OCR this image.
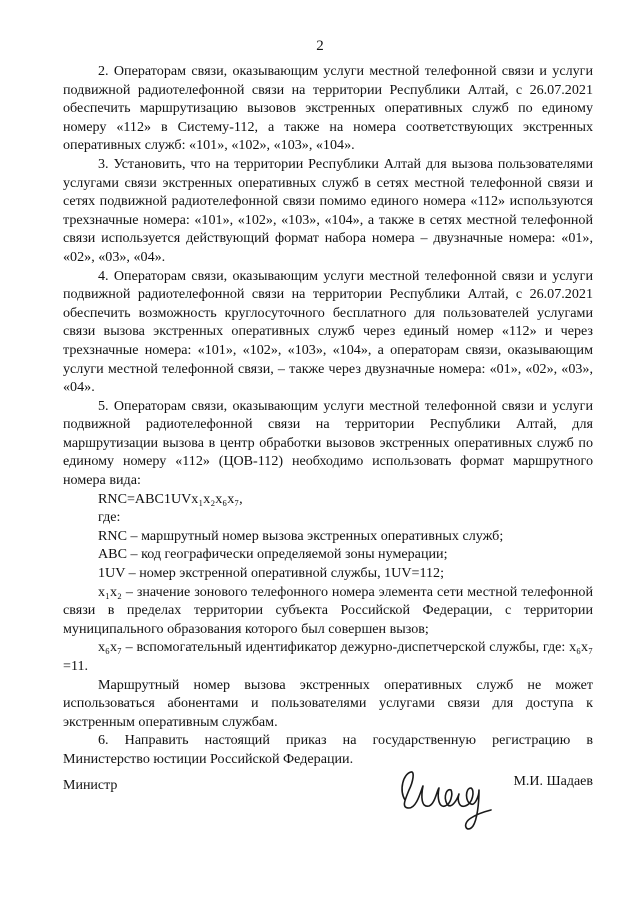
2

2. Операторам связи, оказывающим услуги местной телефонной связи и услуги подвижной радиотелефонной связи на территории Республики Алтай, с 26.07.2021 обеспечить маршрутизацию вызовов экстренных оперативных служб по единому номеру «112» в Систему-112, а также на номера соответствующих экстренных оперативных служб: «101», «102», «103», «104».

3. Установить, что на территории Республики Алтай для вызова пользователями услугами связи экстренных оперативных служб в сетях местной телефонной связи и сетях подвижной радиотелефонной связи помимо единого номера «112» используются трехзначные номера: «101», «102», «103», «104», а также в сетях местной телефонной связи используется действующий формат набора номера – двузначные номера: «01», «02», «03», «04».

4. Операторам связи, оказывающим услуги местной телефонной связи и услуги подвижной радиотелефонной связи на территории Республики Алтай, с 26.07.2021 обеспечить возможность круглосуточного бесплатного для пользователей услугами связи вызова экстренных оперативных служб через единый номер «112» и через трехзначные номера: «101», «102», «103», «104», а операторам связи, оказывающим услуги местной телефонной связи, – также через двузначные номера: «01», «02», «03», «04».

5. Операторам связи, оказывающим услуги местной телефонной связи и услуги подвижной радиотелефонной связи на территории Республики Алтай, для маршрутизации вызова в центр обработки вызовов экстренных оперативных служб по единому номеру «112» (ЦОВ-112) необходимо использовать формат маршрутного номера вида:

RNC=ABC1UVx₁x₂x₆x₇,

где:

RNC – маршрутный номер вызова экстренных оперативных служб;

ABC – код географически определяемой зоны нумерации;

1UV – номер экстренной оперативной службы, 1UV=112;

x₁x₂ – значение зонового телефонного номера элемента сети местной телефонной связи в пределах территории субъекта Российской Федерации, с территории муниципального образования которого был совершен вызов;

x₆x₇ – вспомогательный идентификатор дежурно-диспетчерской службы, где: x₆x₇ =11.

Маршрутный номер вызова экстренных оперативных служб не может использоваться абонентами и пользователями услугами связи для доступа к экстренным оперативным службам.

6. Направить настоящий приказ на государственную регистрацию в Министерство юстиции Российской Федерации.

Министр	М.И. Шадаев
